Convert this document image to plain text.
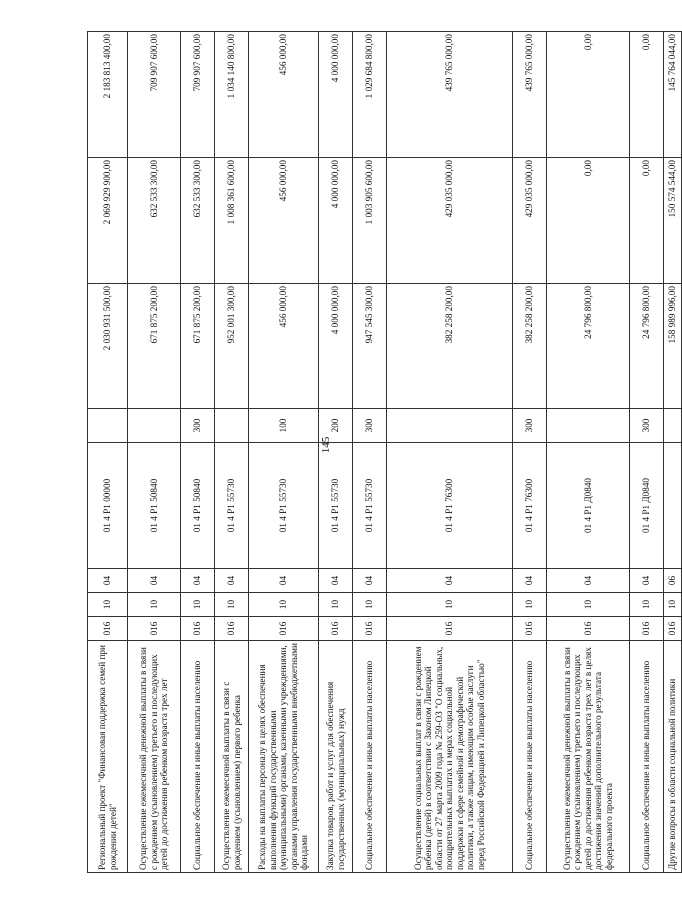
145
Региональный проект "Финансовая поддержка семей при рождении детей"	016	10	04	01 4 P1 00000		2 030 931 500,00	2 069 929 900,00	2 183 813 400,00
Осуществление ежемесячной денежной выплаты в связи с рождением (усыновлением) третьего и последующих детей до достижения ребенком возраста трех лет	016	10	04	01 4 P1 50840		671 875 200,00	632 533 300,00	709 907 600,00
Социальное обеспечение и иные выплаты населению	016	10	04	01 4 P1 50840	300	671 875 200,00	632 533 300,00	709 907 600,00
Осуществление ежемесячной выплаты в связи с рождением (усыновлением) первого ребенка	016	10	04	01 4 P1 55730		952 001 300,00	1 008 361 600,00	1 034 140 800,00
Расходы на выплаты персоналу в целях обеспечения выполнения функций государственными (муниципальными) органами, казенными учреждениями, органами управления государственными внебюджетными фондами	016	10	04	01 4 P1 55730	100	456 000,00	456 000,00	456 000,00
Закупка товаров, работ и услуг для обеспечения государственных (муниципальных) нужд	016	10	04	01 4 P1 55730	200	4 000 000,00	4 000 000,00	4 000 000,00
Социальное обеспечение и иные выплаты населению	016	10	04	01 4 P1 55730	300	947 545 300,00	1 003 905 600,00	1 029 684 800,00
Осуществление социальных выплат в связи с рождением ребенка (детей) в соответствии с Законом Липецкой области от 27 марта 2009 года № 259-ОЗ "О социальных, поощрительных выплатах и мерах социальной поддержки в сфере семейной и демографической политики, а также лицам, имеющим особые заслуги перед Российской Федерацией и Липецкой областью"	016	10	04	01 4 P1 76300		382 258 200,00	429 035 000,00	439 765 000,00
Социальное обеспечение и иные выплаты населению	016	10	04	01 4 P1 76300	300	382 258 200,00	429 035 000,00	439 765 000,00
Осуществление ежемесячной денежной выплаты в связи с рождением (усыновлением) третьего и последующих детей до достижения ребенком возраста трех лет в целях достижения значений дополнительного результата федерального проекта	016	10	04	01 4 P1 Д0840		24 796 800,00	0,00	0,00
Социальное обеспечение и иные выплаты населению	016	10	04	01 4 P1 Д0840	300	24 796 800,00	0,00	0,00
Другие вопросы в области социальной политики	016	10	06			158 989 996,00	150 574 544,00	145 764 044,00
